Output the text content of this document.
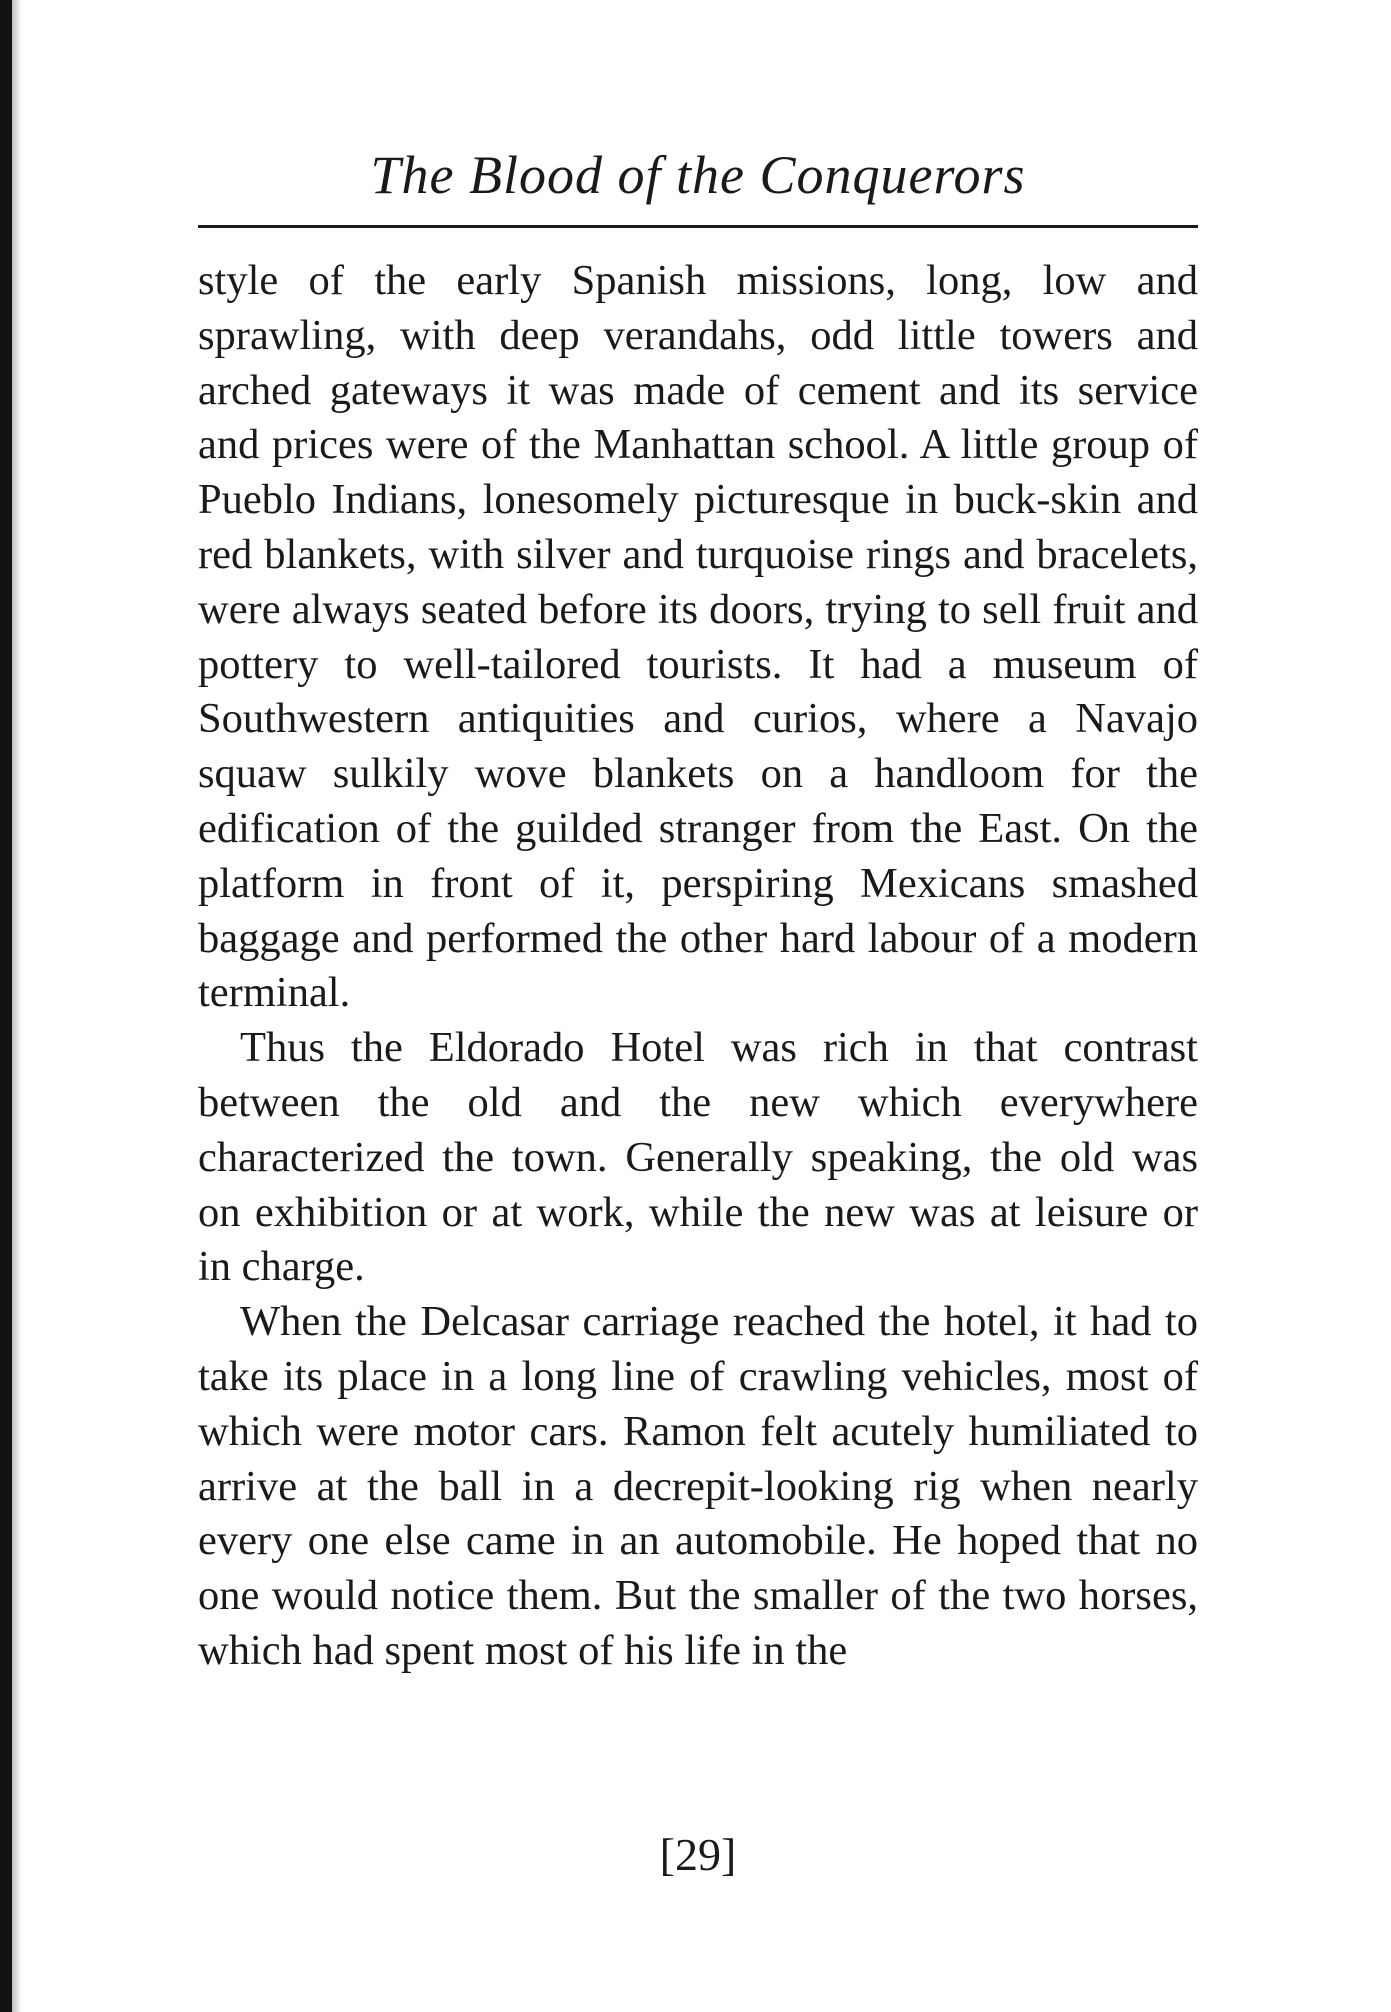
The Blood of the Conquerors

style of the early Spanish missions, long, low and sprawling, with deep verandahs, odd little towers and arched gateways it was made of cement and its service and prices were of the Manhattan school. A little group of Pueblo Indians, lonesomely picturesque in buck-skin and red blankets, with silver and turquoise rings and bracelets, were always seated before its doors, trying to sell fruit and pottery to well-tailored tourists. It had a museum of Southwestern antiquities and curios, where a Navajo squaw sulkily wove blankets on a handloom for the edification of the guilded stranger from the East. On the platform in front of it, perspiring Mexicans smashed baggage and performed the other hard labour of a modern terminal.

Thus the Eldorado Hotel was rich in that contrast between the old and the new which everywhere characterized the town. Generally speaking, the old was on exhibition or at work, while the new was at leisure or in charge.

When the Delcasar carriage reached the hotel, it had to take its place in a long line of crawling vehicles, most of which were motor cars. Ramon felt acutely humiliated to arrive at the ball in a decrepit-looking rig when nearly every one else came in an automobile. He hoped that no one would notice them. But the smaller of the two horses, which had spent most of his life in the

[29]
